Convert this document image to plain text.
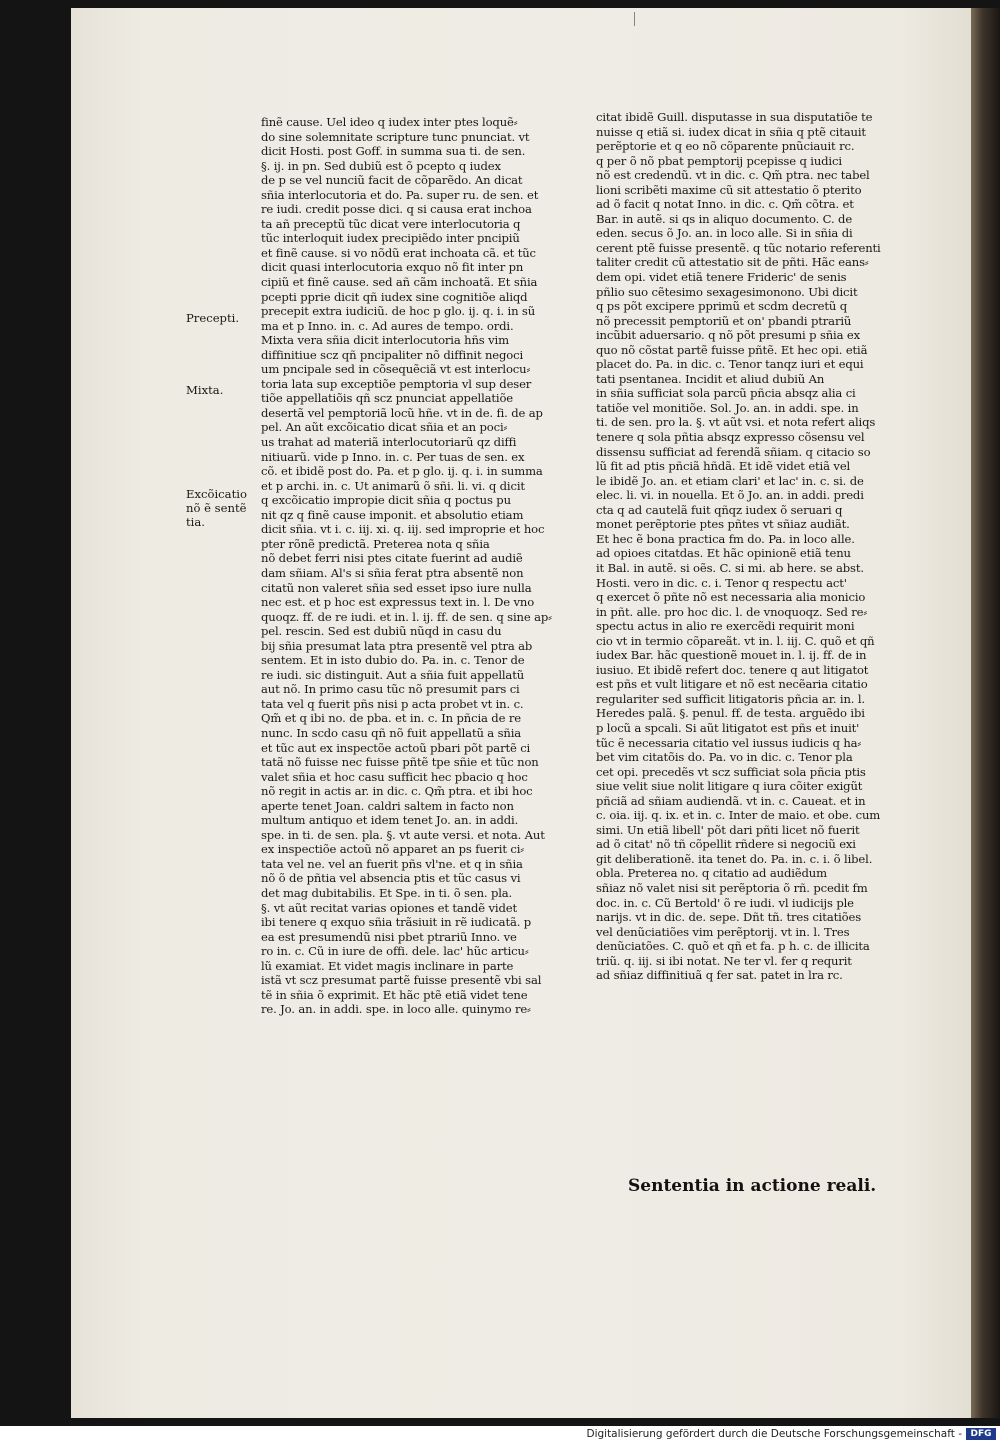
Precepti.
Mixta.
Excõicatio
nõ ẽ sentẽ
tia.
finẽ cause. Uel ideo q iudex inter ptes loquẽ⸗
do sine solemnitate scripture tunc pnunciat. vt
dicit Hosti. post Goff. in summa sua ti. de sen.
§. ij. in pn. Sed dubiũ est õ pcepto q iudex
de p se vel nunciũ facit de cõparẽdo. An dicat
sñia interlocutoria et do. Pa. super ru. de sen. et
re iudi. credit posse dici. q si causa erat inchoa
ta añ preceptũ tũc dicat vere interlocutoria q
tũc interloquit iudex precipiẽdo inter pncipiũ
et finẽ cause. si vo nõdũ erat inchoata cã. et tũc
dicit quasi interlocutoria exquo nõ fit inter pn
cipiũ et finẽ cause. sed añ cãm inchoatã. Et sñia
pcepti pprie dicit qñ iudex sine cognitiõe aliqd
precepit extra iudiciũ. de hoc p glo. ij. q. i. in sũ
ma et p Inno. in. c. Ad aures de tempo. ordi.
Mixta vera sñia dicit interlocutoria hñs vim
diffinitiue scz qñ pncipaliter nõ diffinit negoci
um pncipale sed in cõsequẽciã vt est interlocu⸗
toria lata sup exceptiõe pemptoria vl sup deser
tiõe appellatiõis qñ scz pnunciat appellatiõe
desertã vel pemptoriã locũ hñe. vt in de. fi. de ap
pel. An aũt excõicatio dicat sñia et an poci⸗
us trahat ad materiã interlocutoriarũ qz diffi
nitiuarũ. vide p Inno. in. c. Per tuas de sen. ex
cõ. et ibidẽ post do. Pa. et p glo. ij. q. i. in summa
et p archi. in. c. Ut animarũ õ sñi. li. vi. q dicit
q excõicatio impropie dicit sñia q poctus pu
nit qz q finẽ cause imponit. et absolutio etiam
dicit sñia. vt i. c. iij. xi. q. iij. sed improprie et hoc
pter rõnẽ predictã. Preterea nota q sñia
nõ debet ferri nisi ptes citate fuerint ad audiẽ
dam sñiam. Al's si sñia ferat ptra absentẽ non
citatũ non valeret sñia sed esset ipso iure nulla
nec est. et p hoc est expressus text in. l. De vno
quoqz. ff. de re iudi. et in. l. ij. ff. de sen. q sine ap⸗
pel. rescin. Sed est dubiũ nũqd in casu du
bij sñia presumat lata ptra presentẽ vel ptra ab
sentem. Et in isto dubio do. Pa. in. c. Tenor de
re iudi. sic distinguit. Aut a sñia fuit appellatũ
aut nõ. In primo casu tũc nõ presumit pars ci
tata vel q fuerit pñs nisi p acta probet vt in. c.
Qm̃ et q ibi no. de pba. et in. c. In pñcia de re
nunc. In scdo casu qñ nõ fuit appellatũ a sñia
et tũc aut ex inspectõe actoũ pbari põt partẽ ci
tatã nõ fuisse nec fuisse pñtẽ tpe sñie et tũc non
valet sñia et hoc casu sufficit hec pbacio q hoc
nõ regit in actis ar. in dic. c. Qm̃ ptra. et ibi hoc
aperte tenet Joan. caldri saltem in facto non
multum antiquo et idem tenet Jo. an. in addi.
spe. in ti. de sen. pla. §. vt aute versi. et nota. Aut
ex inspectiõe actoũ nõ apparet an ps fuerit ci⸗
tata vel ne. vel an fuerit pñs vl'ne. et q in sñia
nõ õ de pñtia vel absencia ptis et tũc casus vi
det mag dubitabilis. Et Spe. in ti. õ sen. pla.
§. vt aũt recitat varias opiones et tandẽ videt
ibi tenere q exquo sñia trãsiuit in rẽ iudicatã. p
ea est presumendũ nisi pbet ptrariũ Inno. ve
ro in. c. Cũ in iure de offi. dele. lac' hũc articu⸗
lũ examiat. Et videt magis inclinare in parte
istã vt scz presumat partẽ fuisse presentẽ vbi sal
tẽ in sñia õ exprimit. Et hãc ptẽ etiã videt tene
re. Jo. an. in addi. spe. in loco alle. quinymo re⸗
citat ibidẽ Guill. disputasse in sua disputatiõe te
nuisse q etiã si. iudex dicat in sñia q ptẽ citauit
perẽptorie et q eo nõ cõparente pnũciauit rc.
q per õ nõ pbat pemptorij pcepisse q iudici
nõ est credendũ. vt in dic. c. Qm̃ ptra. nec tabel
lioni scribẽti maxime cũ sit attestatio õ pterito
ad õ facit q notat Inno. in dic. c. Qm̃ cõtra. et
Bar. in autẽ. si qs in aliquo documento. C. de
eden. secus õ Jo. an. in loco alle. Si in sñia di
cerent ptẽ fuisse presentẽ. q tũc notario referenti
taliter credit cũ attestatio sit de pñti. Hãc eans⸗
dem opi. videt etiã tenere Frideric' de senis
pñlio suo cẽtesimo sexagesimonono. Ubi dicit
q ps põt excipere pprimũ et scdm decretũ q
nõ precessit pemptoriũ et on' pbandi ptrariũ
incũbit aduersario. q nõ põt presumi p sñia ex
quo nõ cõstat partẽ fuisse pñtẽ. Et hec opi. etiã
placet do. Pa. in dic. c. Tenor tanqz iuri et equi
tati psentanea. Incidit et aliud dubiũ An
in sñia sufficiat sola parcũ pñcia absqz alia ci
tatiõe vel monitiõe. Sol. Jo. an. in addi. spe. in
ti. de sen. pro la. §. vt aũt vsi. et nota refert aliqs
tenere q sola pñtia absqz expresso cõsensu vel
dissensu sufficiat ad ferendã sñiam. q citacio so
lũ fit ad ptis pñciã hñdã. Et idẽ videt etiã vel
le ibidẽ Jo. an. et etiam clari' et lac' in. c. si. de
elec. li. vi. in nouella. Et õ Jo. an. in addi. predi
cta q ad cautelã fuit qñqz iudex õ seruari q
monet perẽptorie ptes pñtes vt sñiaz audiãt.
Et hec ẽ bona practica fm do. Pa. in loco alle.
ad opioes citatdas. Et hãc opinionẽ etiã tenu
it Bal. in autẽ. si oẽs. C. si mi. ab here. se abst.
Hosti. vero in dic. c. i. Tenor q respectu act'
q exercet õ pñte nõ est necessaria alia monicio
in pñt. alle. pro hoc dic. l. de vnoquoqz. Sed re⸗
spectu actus in alio re exercẽdi requirit moni
cio vt in termio cõpareãt. vt in. l. iij. C. quõ et qñ
iudex Bar. hãc questionẽ mouet in. l. ij. ff. de in
iusiuo. Et ibidẽ refert doc. tenere q aut litigatot
est pñs et vult litigare et nõ est necẽaria citatio
regulariter sed sufficit litigatoris pñcia ar. in. l.
Heredes palã. §. penul. ff. de testa. arguẽdo ibi
p locũ a spcali. Si aũt litigatot est pñs et inuit'
tũc ẽ necessaria citatio vel iussus iudicis q ha⸗
bet vim citatõis do. Pa. vo in dic. c. Tenor pla
cet opi. precedẽs vt scz sufficiat sola pñcia ptis
siue velit siue nolit litigare q iura cõiter exigũt
pñciã ad sñiam audiendã. vt in. c. Caueat. et in
c. oia. iij. q. ix. et in. c. Inter de maio. et obe. cum
simi. Un etiã libell' põt dari pñti licet nõ fuerit
ad õ citat' nõ tñ cõpellit rñdere si negociũ exi
git deliberationẽ. ita tenet do. Pa. in. c. i. õ libel.
obla. Preterea no. q citatio ad audiẽdum
sñiaz nõ valet nisi sit perẽptoria õ rñ. pcedit fm
doc. in. c. Cũ Bertold' õ re iudi. vl iudicijs ple
narijs. vt in dic. de. sepe. Dñt tñ. tres citatiões
vel denũciatiões vim perẽptorij. vt in. l. Tres
denũciatões. C. quõ et qñ et fa. p h. c. de illicita
triũ. q. iij. si ibi notat. Ne ter vl. fer q requrit
ad sñiaz diffinitiuã q fer sat. patet in lra rc.
Sententia in actione reali.
Digitalisierung gefördert durch die Deutsche Forschungsgemeinschaft - DFG
